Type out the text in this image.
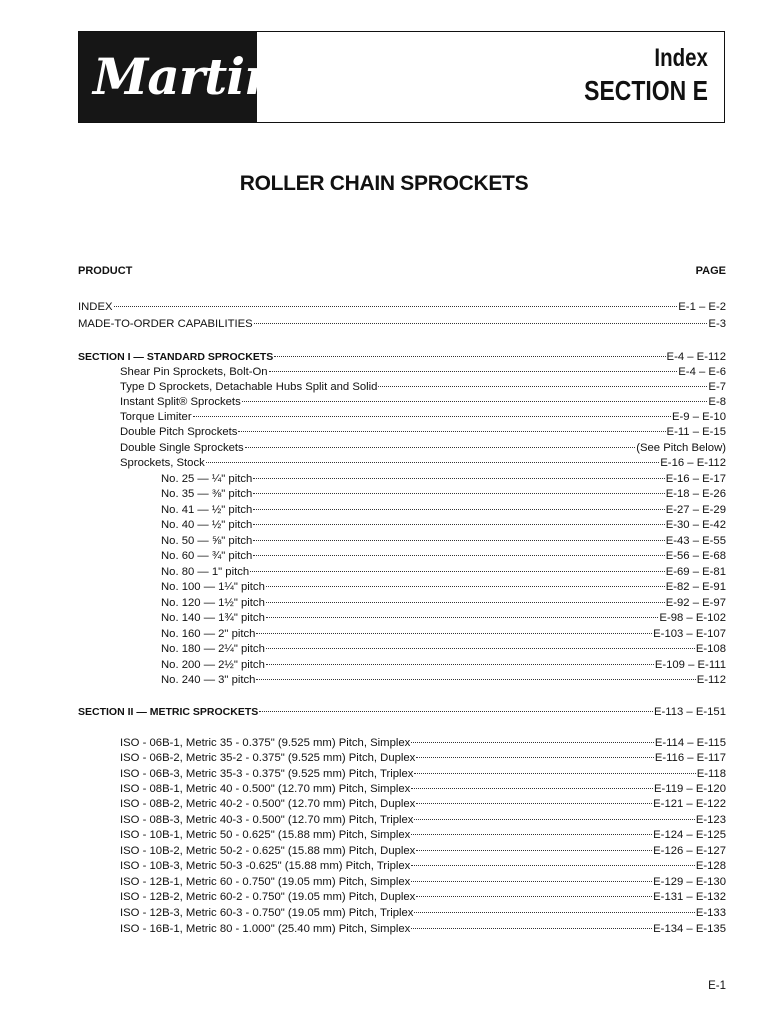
Martin	Index
SECTION E
ROLLER CHAIN SPROCKETS
PRODUCT	PAGE
INDEX	E-1 – E-2
MADE-TO-ORDER CAPABILITIES	E-3
SECTION I — STANDARD SPROCKETS	E-4 – E-112
Shear Pin Sprockets, Bolt-On	E-4 – E-6
Type D Sprockets, Detachable Hubs Split and Solid	E-7
Instant Split® Sprockets	E-8
Torque Limiter	E-9 – E-10
Double Pitch Sprockets	E-11 – E-15
Double Single Sprockets	(See Pitch Below)
Sprockets, Stock	E-16 – E-112
No. 25 — ¼" pitch	E-16 – E-17
No. 35 — ⅜" pitch	E-18 – E-26
No. 41 — ½" pitch	E-27 – E-29
No. 40 — ½" pitch	E-30 – E-42
No. 50 — ⅝" pitch	E-43 – E-55
No. 60 — ¾" pitch	E-56 – E-68
No. 80 — 1" pitch	E-69 – E-81
No. 100 — 1¼" pitch	E-82 – E-91
No. 120 — 1½" pitch	E-92 – E-97
No. 140 — 1¾" pitch	E-98 – E-102
No. 160 — 2" pitch	E-103 – E-107
No. 180 — 2¼" pitch	E-108
No. 200 — 2½" pitch	E-109 – E-111
No. 240 — 3" pitch	E-112
SECTION II — METRIC SPROCKETS	E-113 – E-151
ISO - 06B-1, Metric 35 - 0.375" (9.525 mm) Pitch, Simplex	E-114 – E-115
ISO - 06B-2, Metric 35-2 - 0.375" (9.525 mm) Pitch, Duplex	E-116 – E-117
ISO - 06B-3, Metric 35-3 - 0.375" (9.525 mm) Pitch, Triplex	E-118
ISO - 08B-1, Metric 40 - 0.500" (12.70 mm) Pitch, Simplex	E-119 – E-120
ISO - 08B-2, Metric 40-2 - 0.500" (12.70 mm) Pitch, Duplex	E-121 – E-122
ISO - 08B-3, Metric 40-3 - 0.500" (12.70 mm) Pitch, Triplex	E-123
ISO - 10B-1, Metric 50 - 0.625" (15.88 mm) Pitch, Simplex	E-124 – E-125
ISO - 10B-2, Metric 50-2 - 0.625" (15.88 mm) Pitch, Duplex	E-126 – E-127
ISO - 10B-3, Metric 50-3 -0.625" (15.88 mm) Pitch, Triplex	E-128
ISO - 12B-1, Metric 60 - 0.750" (19.05 mm) Pitch, Simplex	E-129 – E-130
ISO - 12B-2, Metric 60-2 - 0.750" (19.05 mm) Pitch, Duplex	E-131 – E-132
ISO - 12B-3, Metric 60-3 - 0.750" (19.05 mm) Pitch, Triplex	E-133
ISO - 16B-1, Metric 80 - 1.000" (25.40 mm) Pitch, Simplex	E-134 – E-135
E-1
